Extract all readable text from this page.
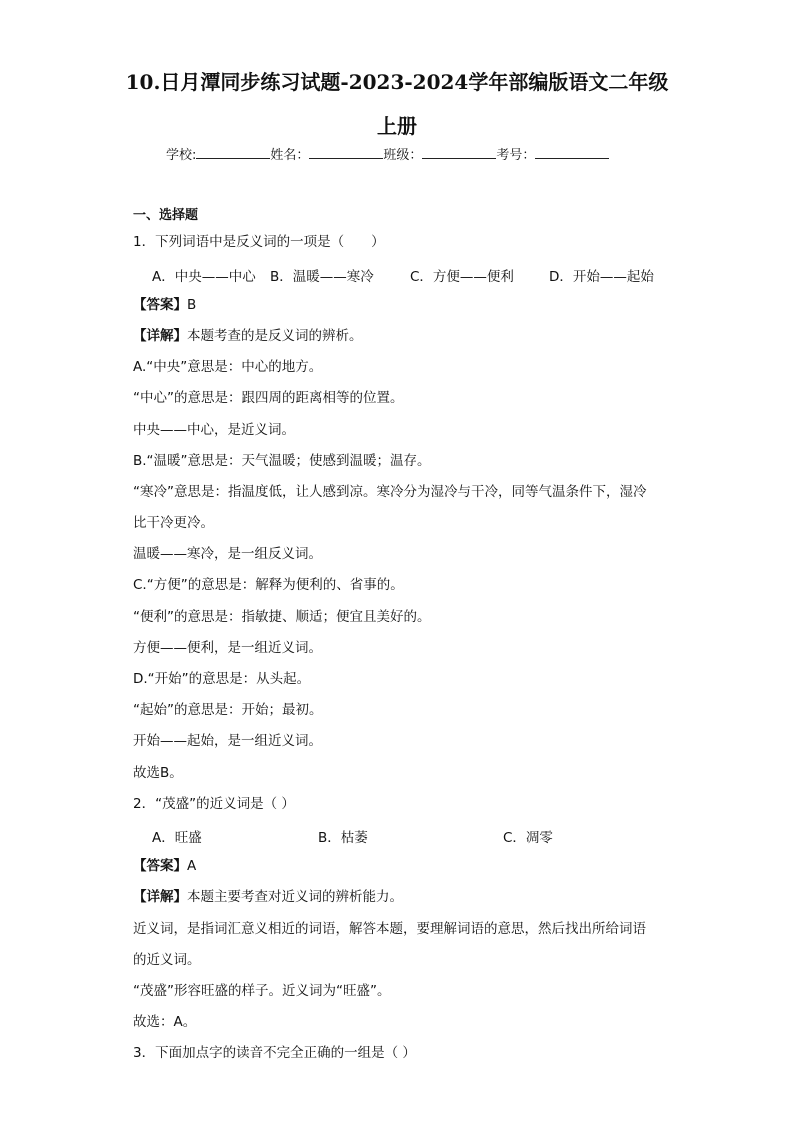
10.日月潭同步练习试题-2023-2024学年部编版语文二年级
上册
学校:	姓名：	班级：	考号：
一、选择题
1．下列词语中是反义词的一项是（　　）
A．中央——中心 B．温暖——寒冷	C．方便——便利	D．开始——起始
【答案】B
【详解】本题考查的是反义词的辨析。
A.“中央”意思是：中心的地方。
“中心”的意思是：跟四周的距离相等的位置。
中央——中心，是近义词。
B.“温暖”意思是：天气温暖；使感到温暖；温存。
“寒冷”意思是：指温度低，让人感到凉。寒冷分为湿冷与干冷，同等气温条件下，湿冷
比干冷更冷。
温暖——寒冷，是一组反义词。
C.“方便”的意思是：解释为便利的、省事的。
“便利”的意思是：指敏捷、顺适；便宜且美好的。
方便——便利，是一组近义词。
D.“开始”的意思是：从头起。
“起始”的意思是：开始；最初。
开始——起始，是一组近义词。
故选B。
2．“茂盛”的近义词是（ ）
A．旺盛	B．枯萎	C．凋零
【答案】A
【详解】本题主要考查对近义词的辨析能力。
近义词，是指词汇意义相近的词语，解答本题，要理解词语的意思，然后找出所给词语
的近义词。
“茂盛”形容旺盛的样子。近义词为“旺盛”。
故选：A。
3．下面加点字的读音不完全正确的一组是（ ）
